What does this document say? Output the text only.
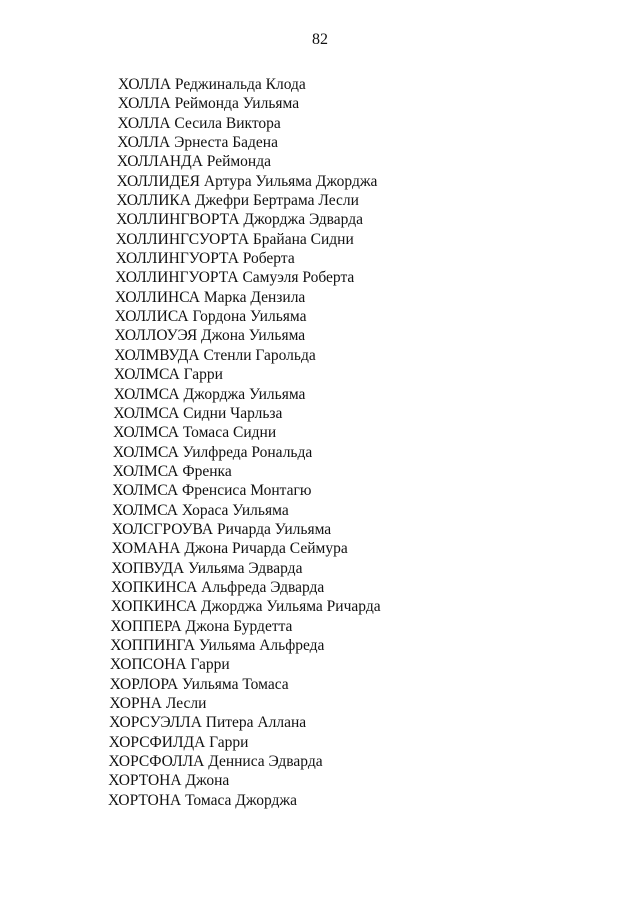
82
ХОЛЛА Реджинальда Клода
ХОЛЛА Реймонда Уильяма
ХОЛЛА Сесила Виктора
ХОЛЛА Эрнеста Бадена
ХОЛЛАНДА Реймонда
ХОЛЛИДЕЯ Артура Уильяма Джорджа
ХОЛЛИКА Джефри Бертрама Лесли
ХОЛЛИНГВОРТА Джорджа Эдварда
ХОЛЛИНГСУОРТА Брайана Сидни
ХОЛЛИНГУОРТА Роберта
ХОЛЛИНГУОРТА Самуэля Роберта
ХОЛЛИНСА Марка Дензила
ХОЛЛИСА Гордона Уильяма
ХОЛЛОУЭЯ Джона Уильяма
ХОЛМВУДА Стенли Гарольда
ХОЛМСА Гарри
ХОЛМСА Джорджа Уильяма
ХОЛМСА Сидни Чарльза
ХОЛМСА Томаса Сидни
ХОЛМСА Уилфреда Рональда
ХОЛМСА Френка
ХОЛМСА Френсиса Монтагю
ХОЛМСА Хораса Уильяма
ХОЛСГРОУВА Ричарда Уильяма
ХОМАНА Джона Ричарда Сеймура
ХОПВУДА Уильяма Эдварда
ХОПКИНСА Альфреда Эдварда
ХОПКИНСА Джорджа Уильяма Ричарда
ХОППЕРА Джона Бурдетта
ХОППИНГА Уильяма Альфреда
ХОПСОНА Гарри
ХОРЛОРА Уильяма Томаса
ХОРНА Лесли
ХОРСУЭЛЛА Питера Аллана
ХОРСФИЛДА Гарри
ХОРСФОЛЛА Денниса Эдварда
ХОРТОНА Джона
ХОРТОНА Томаса Джорджа
